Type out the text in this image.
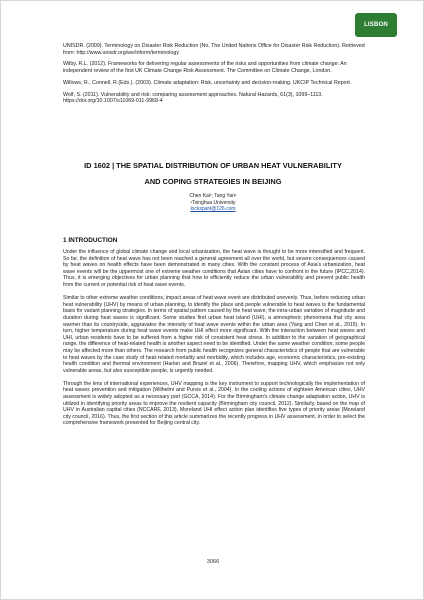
LISBON

UNISDR. (2009). Terminology on Disaster Risk Reduction (No. The United Nations Office for Disaster Risk Reduction). Retrieved from: http://www.unisdr.org/we/inform/terminology

Wilby, R.L. (2012). Frameworks for delivering regular assessments of the risks and opportunities from climate change: An independent review of the first UK Climate Change Risk Assessment. The Committee on Climate Change, London.

Willows, R., Connell, R (Eds.). (2003). Climate adaptation: Risk, uncertainty and decision-making. UKCIP Technical Report.

Wolf, S. (2011). Vulnerability and risk: comparing assessment approaches. Natural Hazards, 61(3), 1099–1113. https://doi.org/10.1007/s11069-011-9968-4

ID 1602 | THE SPATIAL DISTRIBUTION OF URBAN HEAT VULNERABILITY
AND COPING STRATEGIES IN BEIJING
Chen Kai¹; Tang Yan¹
¹Tsinghua University
lockspanl@126.com
1 INTRODUCTION

Under the influence of global climate change and local urbanization, the heat wave is thought to be more intensified and frequent. So far, the definition of heat wave has not been reached a general agreement all over the world, but severe consequences caused by heat waves on health effects have been demonstrated in many cities. With the constant process of Asia's urbanization, heat wave events will be the uppermost one of extreme weather conditions that Asian cities have to confront in the future (IPCC,2014). Thus, it is emerging objectives for urban planning that how to efficiently reduce the urban vulnerability and prevent public health from the current or potential risk of heat wave events.

Similar to other extreme weather conditions, impact areas of heat wave event are distributed unevenly. Thus, before reducing urban heat vulnerability (UHV) by means of urban planning, to identify the place and people vulnerable to heat waves is the fundamental basis for variant planning strategies. In terms of spatial pattern caused by the heat wave, the intra-urban variation of magnitude and duration during heat waves is significant. Some studies find urban heat island (UHI), a atmospheric phenomena that city area warmer than its countryside, aggravates the intensity of heat wave events within the urban area (Yang and Chen et al., 2015). In turn, higher temperature during heat wave events make UHI effect more significant. With the interaction between heat waves and UHI, urban residents have to be suffered from a higher risk of consistent heat stress. In addition to the variation of geographical range, the difference of heat-related health is another aspect need to be identified. Under the same weather condition, some people may be affected more than others. The research from public health recognizes general characteristics of people that are vulnerable to heat waves by the case study of heat-related mortality and morbidity, which includes age, economic characteristics, pre-existing health condition and thermal environment (Harlan and Brazel et al., 2006). Therefore, mapping UHV, which emphasize not only vulnerable areas, but also susceptible people, is urgently needed.

Through the lens of international experiences, UHV mapping is the key instrument to support technologically the implementation of heat waves prevention and mitigation (Wilhelmi and Purvis et al., 2004). In the cooling actions of eighteen American cities, UHV assessment is widely adopted as a necessary part (GCCA, 2014). For the Birmingham's climate change adaptation action, UHV is utilized in identifying priority areas to improve the resilient capacity (Birmingham city council, 2012). Similarly, based on the map of UHV in Australian capital cities (NCCARF, 2013), Moreland UHI effect action plan identifies five types of priority areas (Moreland city council, 2016). Thus, the first section of this article summarizes the recently progress in UHV assessment, in order to select the comprehensive framework presented for Beijing central city.

3066
